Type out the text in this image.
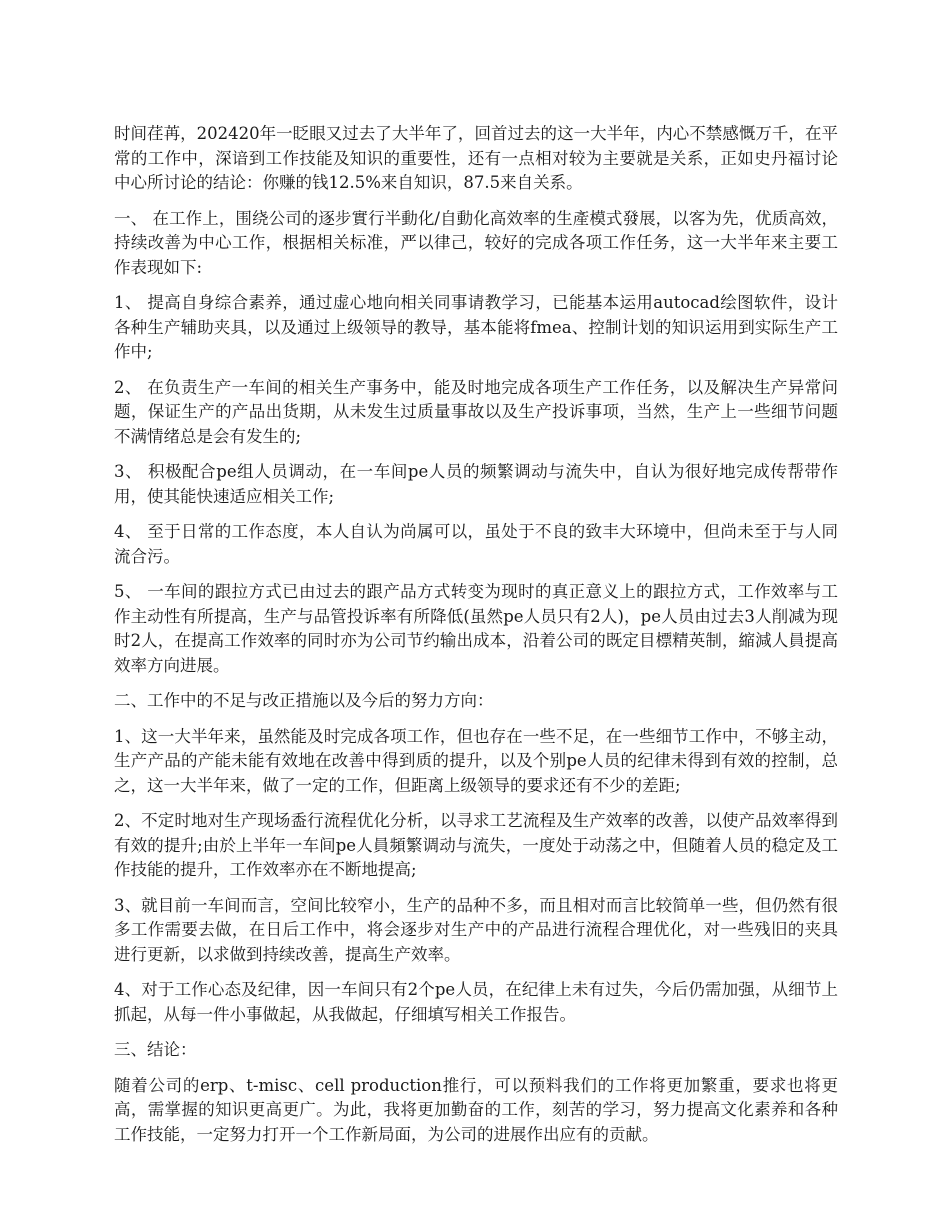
时间荏苒，202420年一眨眼又过去了大半年了，回首过去的这一大半年，内心不禁感慨万千，在平常的工作中，深谙到工作技能及知识的重要性，还有一点相对较为主要就是关系，正如史丹福讨论中心所讨论的结论：你赚的钱12.5%来自知识，87.5来自关系。

一、 在工作上，围绕公司的逐步實行半動化/自動化高效率的生產模式發展，以客为先，优质高效，持续改善为中心工作，根据相关标准，严以律己，较好的完成各项工作任务，这一大半年来主要工作表现如下:

1、 提高自身综合素养，通过虚心地向相关同事请教学习，已能基本运用autocad绘图软件，设计各种生产辅助夹具，以及通过上级领导的教导，基本能将fmea、控制计划的知识运用到实际生产工作中;

2、 在负责生产一车间的相关生产事务中，能及时地完成各项生产工作任务，以及解决生产异常问题，保证生产的产品出货期，从未发生过质量事故以及生产投诉事项，当然，生产上一些细节问题不满情绪总是会有发生的;

3、 积极配合pe组人员调动，在一车间pe人员的频繁调动与流失中，自认为很好地完成传帮带作用，使其能快速适应相关工作;

4、 至于日常的工作态度，本人自认为尚属可以，虽处于不良的致丰大环境中，但尚未至于与人同流合污。

5、 一车间的跟拉方式已由过去的跟产品方式转变为现时的真正意义上的跟拉方式，工作效率与工作主动性有所提高，生产与品管投诉率有所降低(虽然pe人员只有2人)，pe人员由过去3人削减为现时2人，在提高工作效率的同时亦为公司节约输出成本，沿着公司的既定目標精英制，縮減人員提高效率方向进展。

二、工作中的不足与改正措施以及今后的努力方向：

1、这一大半年来，虽然能及时完成各项工作，但也存在一些不足，在一些细节工作中，不够主动，生产产品的产能未能有效地在改善中得到质的提升，以及个别pe人员的纪律未得到有效的控制，总之，这一大半年来，做了一定的工作，但距离上级领导的要求还有不少的差距;

2、不定时地对生产现场盉行流程优化分析，以寻求工艺流程及生产效率的改善，以使产品效率得到有效的提升;由於上半年一车间pe人員頻繁调动与流失，一度处于动荡之中，但随着人员的稳定及工作技能的提升，工作效率亦在不断地提高;

3、就目前一车间而言，空间比较窄小，生产的品种不多，而且相对而言比较简单一些，但仍然有很多工作需要去做，在日后工作中，将会逐步对生产中的产品进行流程合理优化，对一些残旧的夹具进行更新，以求做到持续改善，提高生产效率。

4、对于工作心态及纪律，因一车间只有2个pe人员，在纪律上未有过失，今后仍需加强，从细节上抓起，从每一件小事做起，从我做起，仔细填写相关工作报告。

三、结论：

随着公司的erp、t-misc、cell production推行，可以预料我们的工作将更加繁重，要求也将更高，需掌握的知识更高更广。为此，我将更加勤奋的工作，刻苦的学习，努力提高文化素养和各种工作技能，一定努力打开一个工作新局面，为公司的进展作出应有的贡献。
